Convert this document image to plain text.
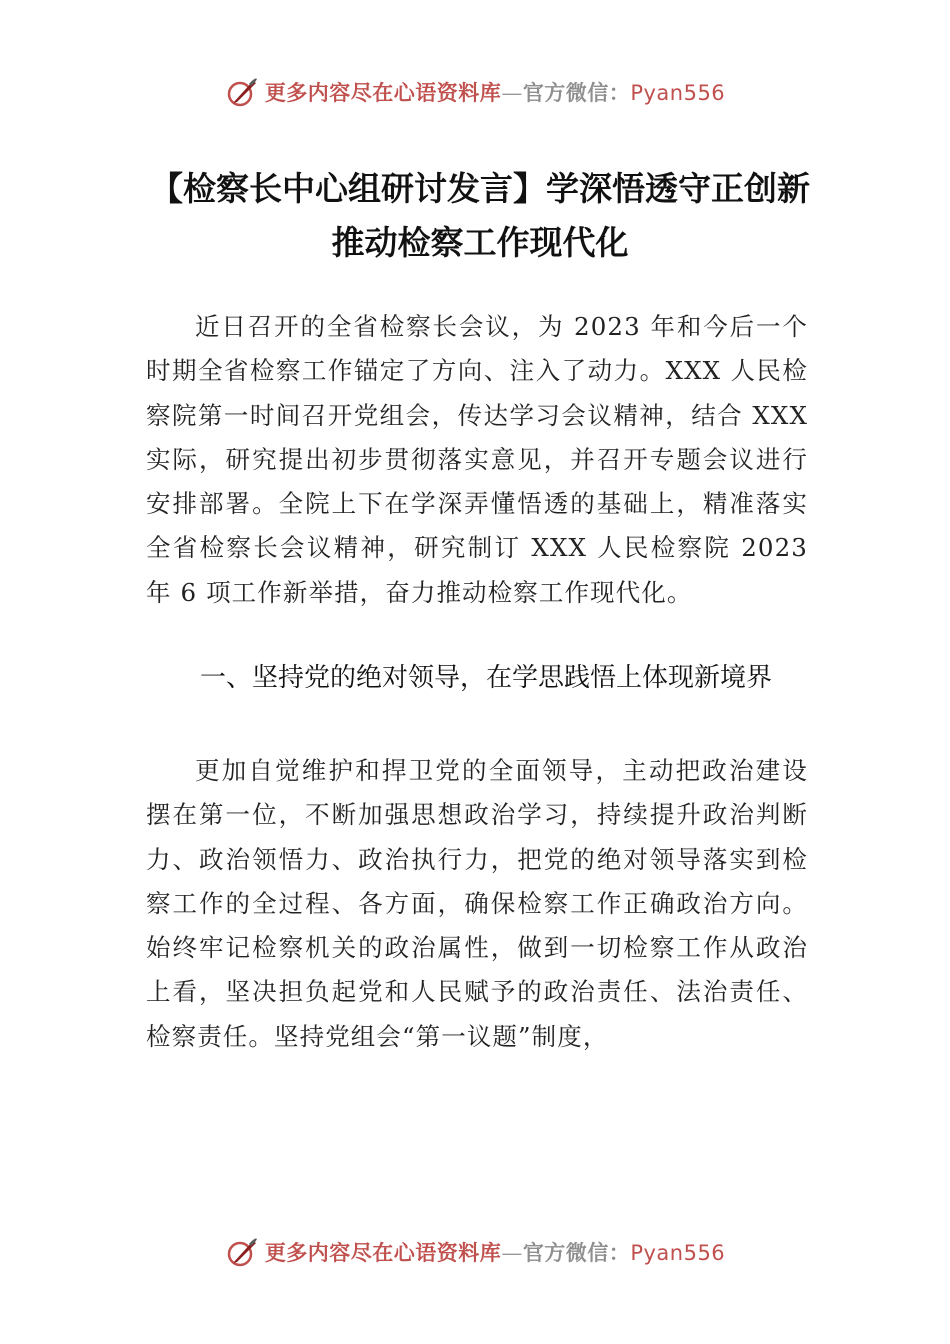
更多内容尽在心语资料库—官方微信：Pyan556
【检察长中心组研讨发言】学深悟透守正创新 推动检察工作现代化

近日召开的全省检察长会议，为 2023 年和今后一个时期全省检察工作锚定了方向、注入了动力。XXX 人民检察院第一时间召开党组会，传达学习会议精神，结合 XXX 实际，研究提出初步贯彻落实意见，并召开专题会议进行安排部署。全院上下在学深弄懂悟透的基础上，精准落实全省检察长会议精神，研究制订 XXX 人民检察院 2023 年 6 项工作新举措，奋力推动检察工作现代化。

一、坚持党的绝对领导，在学思践悟上体现新境界

更加自觉维护和捍卫党的全面领导，主动把政治建设摆在第一位，不断加强思想政治学习，持续提升政治判断力、政治领悟力、政治执行力，把党的绝对领导落实到检察工作的全过程、各方面，确保检察工作正确政治方向。始终牢记检察机关的政治属性，做到一切检察工作从政治上看，坚决担负起党和人民赋予的政治责任、法治责任、检察责任。坚持党组会“第一议题”制度，

更多内容尽在心语资料库—官方微信：Pyan556
